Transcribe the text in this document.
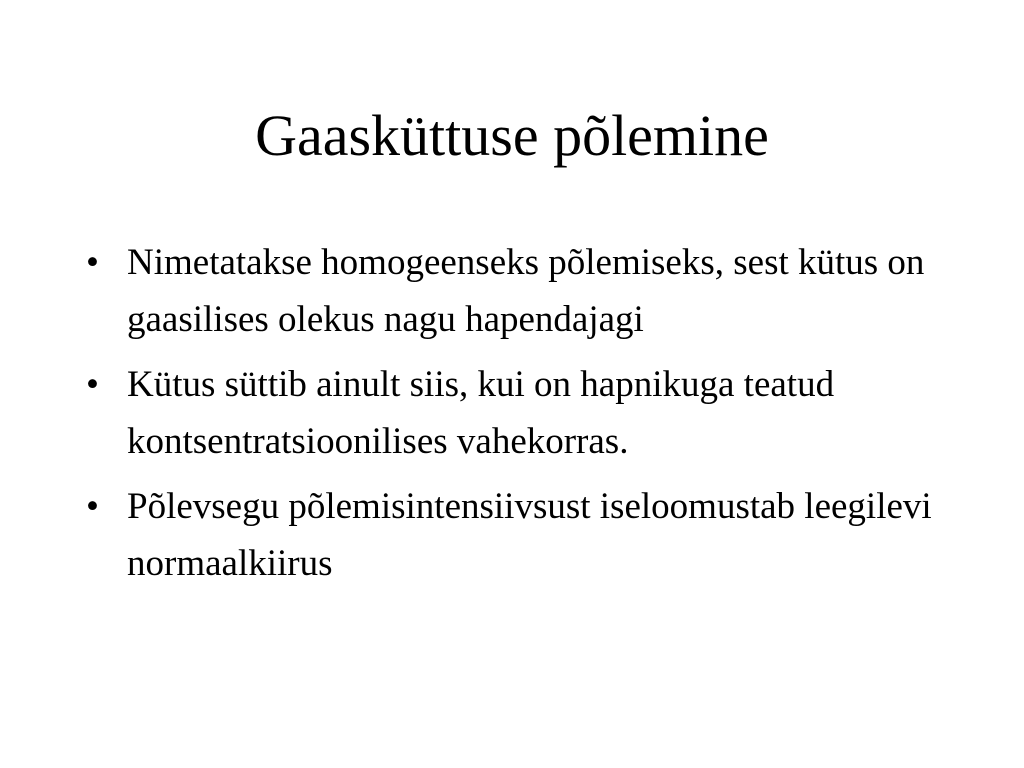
Gaasküttuse põlemine
• Nimetatakse homogeenseks põlemiseks, sest kütus on gaasilises olekus nagu hapendajagi
• Kütus süttib ainult siis, kui on hapnikuga teatud kontsentratsioonilises vahekorras.
• Põlevsegu põlemisintensiivsust iseloomustab leegilevi normaalkiirus
